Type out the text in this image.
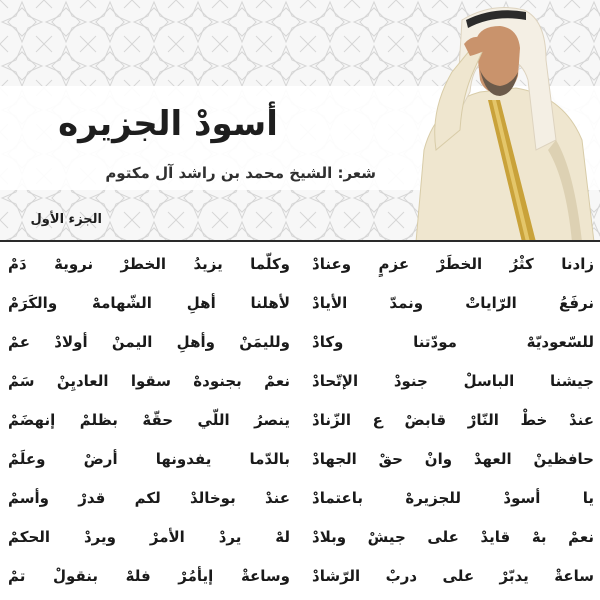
أسودْ الجزيره
شعر: الشيخ محمد بن راشد آل مكتوم
الجزء الأول
زادنا كثْرُ الخطَرْ عزمٍ وعنادْ
وكلّما يزيدُ الخطرْ نرويهْ دَمْ
نرفَعُ الرّاياتْ ونمدّ الأيادْ
لأهلنا أهلِ الشّهامهْ والكَرَمْ
للسّعوديّهْ مودّتنا وكادْ
ولليمَنْ وأهلِ اليمنْ أولادْ عمْ
جيشنا الباسلْ جنودْ الإتّحادْ
نعمْ بجنودهْ سقوا العاديِنْ سَمْ
عندْ خطْ النّارْ قابضْ ع الزّنادْ
ينصرُ اللّي حقّهْ بظلمْ إنهضَمْ
حافظينْ العهدْ وانْ حقْ الجهادْ
بالدّما يفدونها أرضْ وعلَمْ
يا أسودْ للجزيرهْ باعتمادْ
عندْ بوخالدْ لكم قدرْ وأسمْ
نعمْ بهْ قايدْ على جيشْ وبلادْ
لهْ يردْ الأمرْ ويردْ الحكمْ
ساعةْ يدبّرْ على دربْ الرّشادْ
وساعةْ إيأمُرْ فلهْ بنقولْ تمْ
